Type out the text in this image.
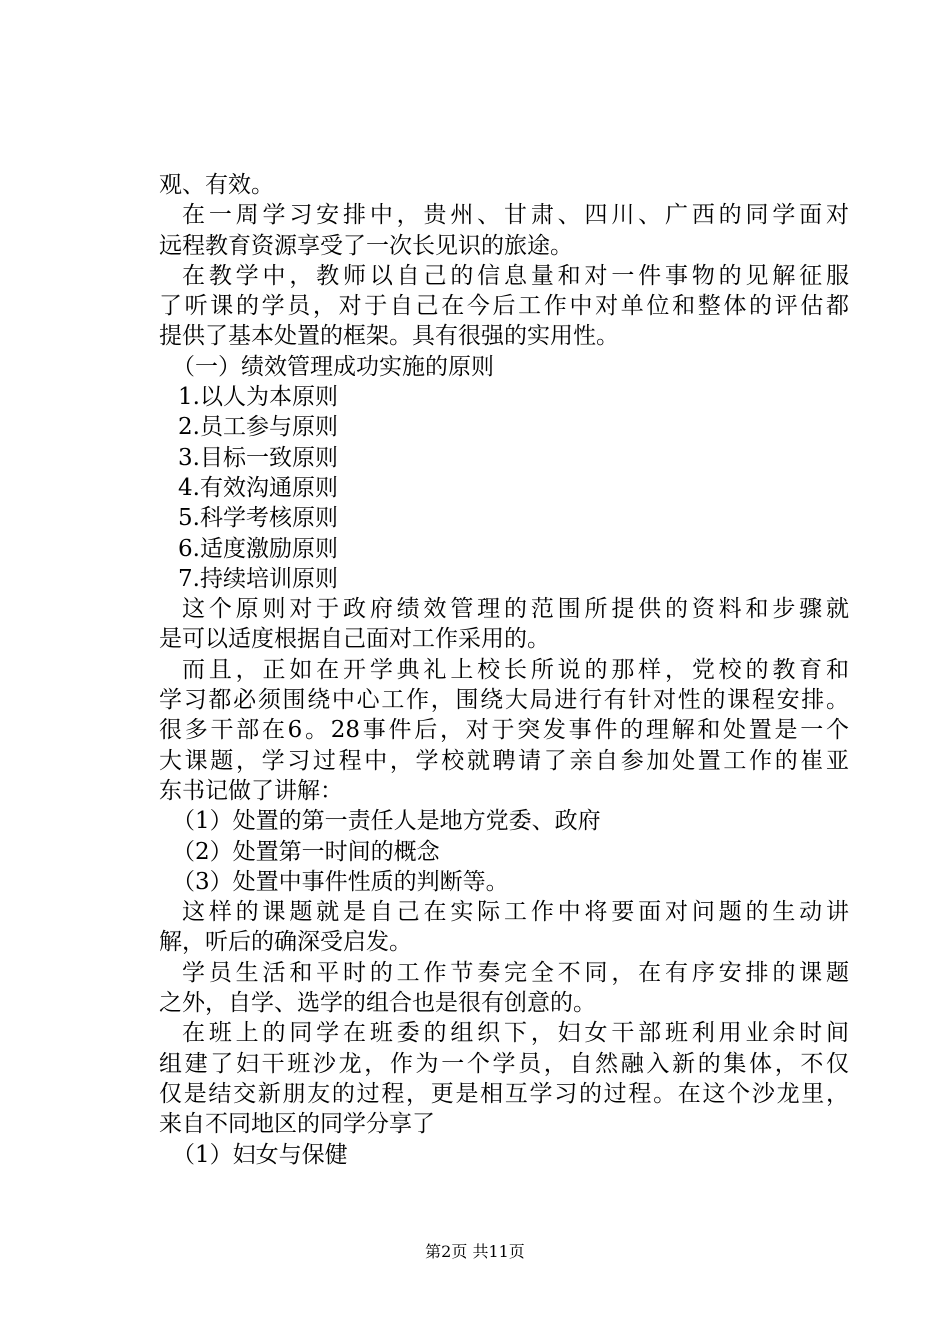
观、有效。
在一周学习安排中，贵州、甘肃、四川、广西的同学面对
远程教育资源享受了一次长见识的旅途。
在教学中，教师以自己的信息量和对一件事物的见解征服
了听课的学员，对于自己在今后工作中对单位和整体的评估都
提供了基本处置的框架。具有很强的实用性。
（一）绩效管理成功实施的原则
1.以人为本原则
2.员工参与原则
3.目标一致原则
4.有效沟通原则
5.科学考核原则
6.适度激励原则
7.持续培训原则
这个原则对于政府绩效管理的范围所提供的资料和步骤就
是可以适度根据自己面对工作采用的。
而且，正如在开学典礼上校长所说的那样，党校的教育和
学习都必须围绕中心工作，围绕大局进行有针对性的课程安排。
很多干部在6。28事件后，对于突发事件的理解和处置是一个
大课题，学习过程中，学校就聘请了亲自参加处置工作的崔亚
东书记做了讲解：
（1）处置的第一责任人是地方党委、政府
（2）处置第一时间的概念
（3）处置中事件性质的判断等。
这样的课题就是自己在实际工作中将要面对问题的生动讲
解，听后的确深受启发。
学员生活和平时的工作节奏完全不同，在有序安排的课题
之外，自学、选学的组合也是很有创意的。
在班上的同学在班委的组织下，妇女干部班利用业余时间
组建了妇干班沙龙，作为一个学员，自然融入新的集体，不仅
仅是结交新朋友的过程，更是相互学习的过程。在这个沙龙里，
来自不同地区的同学分享了
（1）妇女与保健
第2页 共11页
